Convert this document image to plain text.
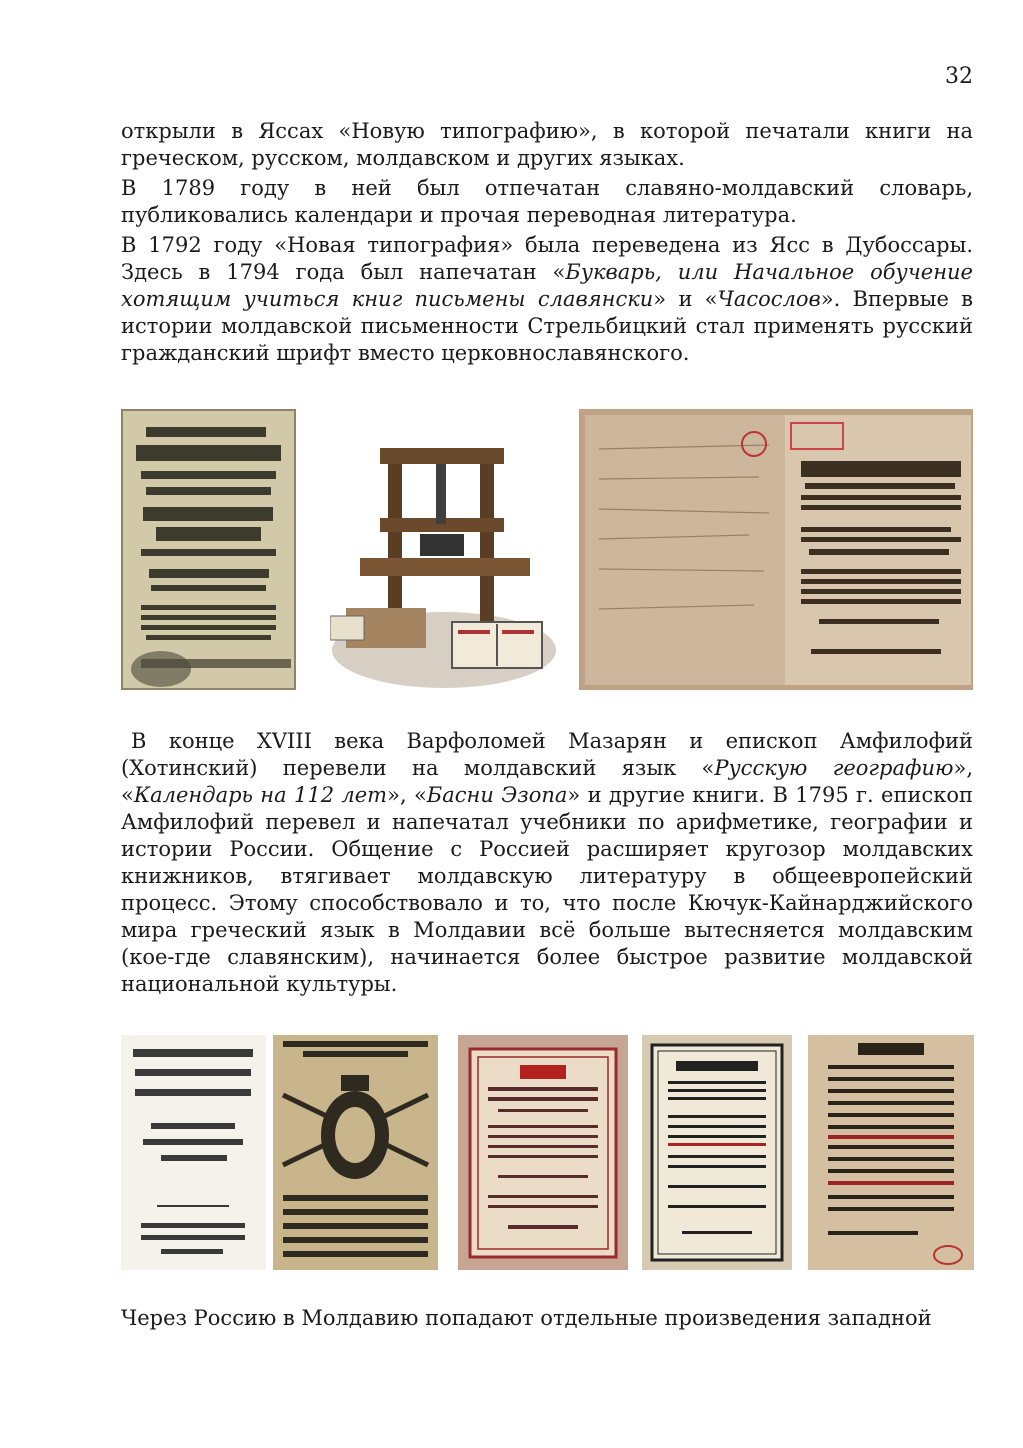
32

открыли в Яссах «Новую типографию», в которой печатали книги на греческом, русском, молдавском и других языках.

В 1789 году в ней был отпечатан славяно-молдавский словарь, публиковались календари и прочая переводная литература.

В 1792 году «Новая типография» была переведена из Ясс в Дубоссары. Здесь в 1794 года был напечатан «Букварь, или Начальное обучение хотящим учиться книг письмены славянски» и «Часослов». Впервые в истории молдавской письменности Стрельбицкий стал применять русский гражданский шрифт вместо церковнославянского.

В конце XVIII века Варфоломей Мазарян и епископ Амфилофий (Хотинский) перевели на молдавский язык «Русскую географию», «Календарь на 112 лет», «Басни Эзопа» и другие книги. В 1795 г. епископ Амфилофий перевел и напечатал учебники по арифметике, географии и истории России. Общение с Россией расширяет кругозор молдавских книжников, втягивает молдавскую литературу в общеевропейский процесс. Этому способствовало и то, что после Кючук-Кайнарджийского мира греческий язык в Молдавии всё больше вытесняется молдавским (кое-где славянским), начинается более быстрое развитие молдавской национальной культуры.

Через Россию в Молдавию попадают отдельные произведения западной
